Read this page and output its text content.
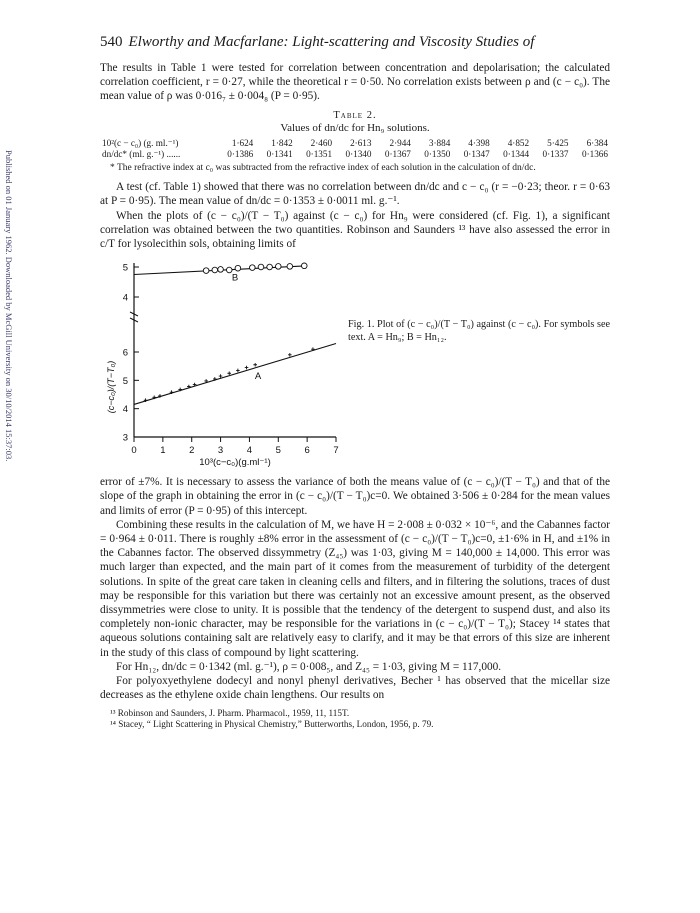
Published on 01 January 1962. Downloaded by McGill University on 30/10/2014 15:37:03.
540 Elworthy and Macfarlane: Light-scattering and Viscosity Studies of

The results in Table 1 were tested for correlation between concentration and depolarisation; the calculated correlation coefficient, r = 0·27, while the theoretical r = 0·50. No correlation exists between ρ and (c − c₀). The mean value of ρ was 0·016₇ ± 0·004₈ (P = 0·95).

Table 2.
Values of dn/dc for Hn₉ solutions.
10²(c − c₀) (g. ml.⁻¹)	1·624	1·842	2·460	2·613	2·944	3·884	4·398	4·852	5·425	6·384
dn/dc* (ml. g.⁻¹) ......	0·1386	0·1341	0·1351	0·1340	0·1367	0·1350	0·1347	0·1344	0·1337	0·1366
* The refractive index at c₀ was subtracted from the refractive index of each solution in the calculation of dn/dc.

A test (cf. Table 1) showed that there was no correlation between dn/dc and c − c₀ (r = −0·23; theor. r = 0·63 at P = 0·95). The mean value of dn/dc = 0·1353 ± 0·0011 ml. g.⁻¹.

When the plots of (c − c₀)/(T − T₀) against (c − c₀) for Hn₉ were considered (cf. Fig. 1), a significant correlation was obtained between the two quantities. Robinson and Saunders ¹³ have also assessed the error in c/T for lysolecithin sols, obtaining limits of

0 1 2 3 4 5 6 7
5
4
6
5
4
3
(c−c₀)/(T−T₀)
10³(c−c₀)(g.ml⁻¹)
A
B
Fig. 1. Plot of (c − c₀)/(T − T₀) against (c − c₀). For symbols see text. A = Hn₉; B = Hn₁₂.

error of ±7%. It is necessary to assess the variance of both the means value of (c − c₀)/(T − T₀) and that of the slope of the graph in obtaining the error in (c − c₀)/(T − T₀)c=0. We obtained 3·506 ± 0·284 for the mean values and limits of error (P = 0·95) of this intercept.

Combining these results in the calculation of M, we have H = 2·008 ± 0·032 × 10⁻⁶, and the Cabannes factor = 0·964 ± 0·011. There is roughly ±8% error in the assessment of (c − c₀)/(T − T₀)c=0, ±1·6% in H, and ±1% in the Cabannes factor. The observed dissymmetry (Z₄₅) was 1·03, giving M = 140,000 ± 14,000. This error was much larger than expected, and the main part of it comes from the measurement of turbidity of the detergent solutions. In spite of the great care taken in cleaning cells and filters, and in filtering the solutions, traces of dust may be responsible for this variation but there was certainly not an excessive amount present, as the observed dissymmetries were close to unity. It is possible that the tendency of the detergent to suspend dust, and also its completely non-ionic character, may be responsible for the variations in (c − c₀)/(T − T₀); Stacey ¹⁴ states that aqueous solutions containing salt are relatively easy to clarify, and it may be that errors of this size are inherent in the study of this class of compound by light scattering.

For Hn₁₂, dn/dc = 0·1342 (ml. g.⁻¹), ρ = 0·008₅, and Z₄₅ = 1·03, giving M = 117,000.

For polyoxyethylene dodecyl and nonyl phenyl derivatives, Becher ¹ has observed that the micellar size decreases as the ethylene oxide chain lengthens. Our results on

¹³ Robinson and Saunders, J. Pharm. Pharmacol., 1959, 11, 115T.
¹⁴ Stacey, “ Light Scattering in Physical Chemistry,” Butterworths, London, 1956, p. 79.
